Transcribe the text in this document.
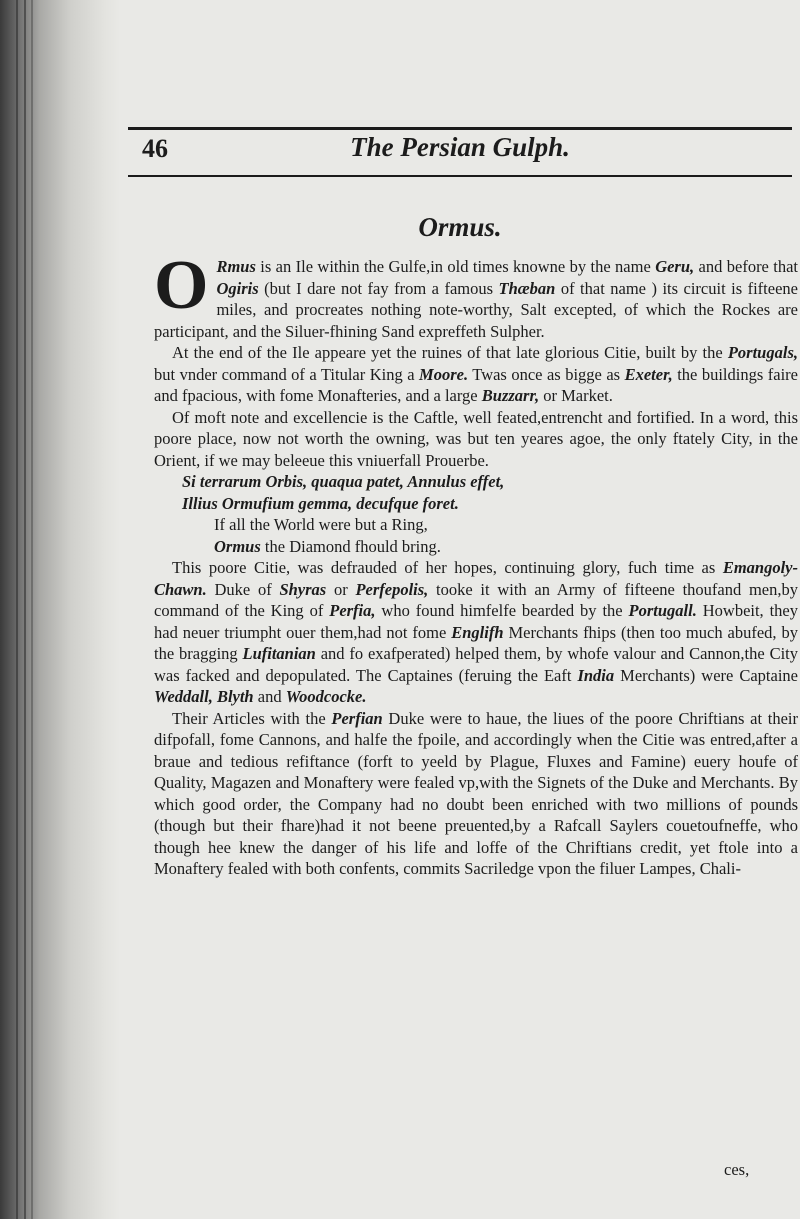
46	The Persian Gulph.
Ormus.

O Rmus is an Ile within the Gulfe,in old times knowne by the name Geru, and before that Ogiris (but I dare not fay from a famous Thæban of that name ) its circuit is fifteene miles, and procreates nothing note-worthy, Salt excepted, of which the Rockes are participant, and the Siluer-fhining Sand expreffeth Sulpher.

At the end of the Ile appeare yet the ruines of that late glorious Citie, built by the Portugals, but vnder command of a Titular King a Moore. Twas once as bigge as Exeter, the buildings faire and fpacious, with fome Monafteries, and a large Buzzarr, or Market.

Of moft note and excellencie is the Caftle, well feated,entrencht and fortified. In a word, this poore place, now not worth the owning, was but ten yeares agoe, the only ftately City, in the Orient, if we may beleeue this vniuerfall Prouerbe.

Si terrarum Orbis, quaqua patet, Annulus effet,

Illius Ormufium gemma, decufque foret.

If all the World were but a Ring,

Ormus the Diamond fhould bring.

This poore Citie, was defrauded of her hopes, continuing glory, fuch time as Emangoly-Chawn. Duke of Shyras or Perfepolis, tooke it with an Army of fifteene thoufand men,by command of the King of Perfia, who found himfelfe bearded by the Portugall. Howbeit, they had neuer triumpht ouer them,had not fome Englifh Merchants fhips (then too much abufed, by the bragging Lufitanian and fo exafperated) helped them, by whofe valour and Cannon,the City was facked and depopulated. The Captaines (feruing the Eaft India Merchants) were Captaine Weddall, Blyth and Woodcocke.

Their Articles with the Perfian Duke were to haue, the liues of the poore Chriftians at their difpofall, fome Cannons, and halfe the fpoile, and accordingly when the Citie was entred,after a braue and tedious refiftance (forft to yeeld by Plague, Fluxes and Famine) euery houfe of Quality, Magazen and Monaftery were fealed vp,with the Signets of the Duke and Merchants. By which good order, the Company had no doubt been enriched with two millions of pounds (though but their fhare)had it not beene preuented,by a Rafcall Saylers couetoufneffe, who though hee knew the danger of his life and loffe of the Chriftians credit, yet ftole into a Monaftery fealed with both confents, commits Sacriledge vpon the filuer Lampes, Chali-

ces,
